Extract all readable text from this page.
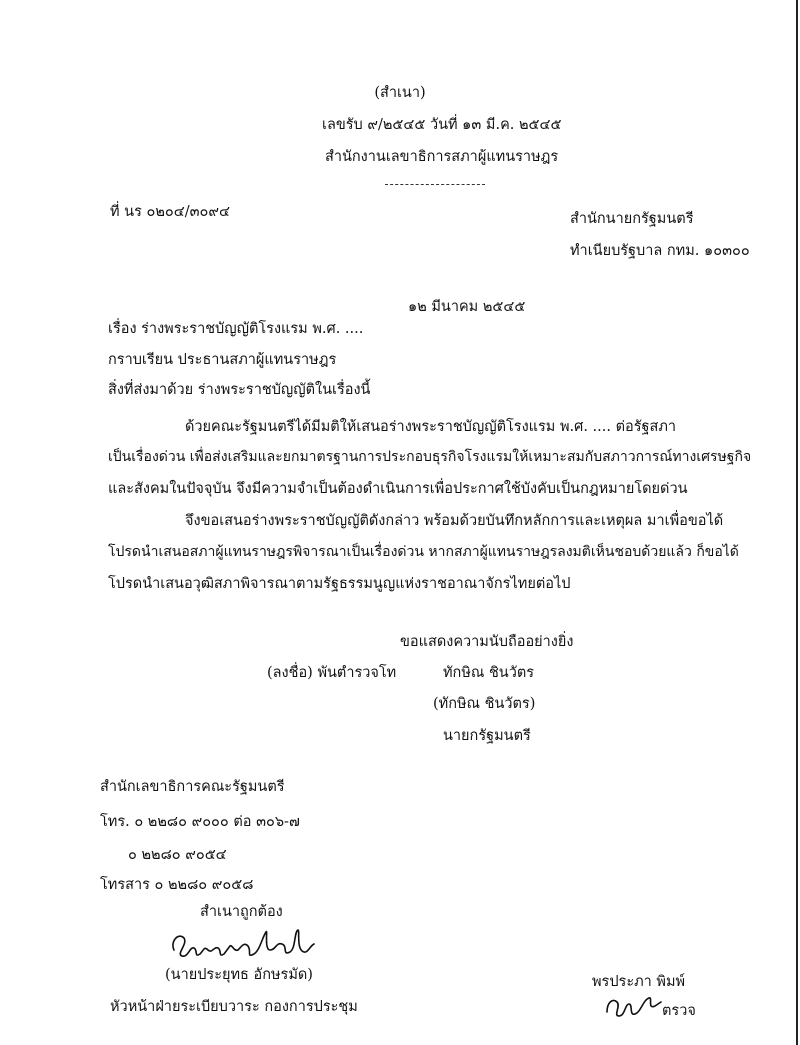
(สำเนา)
เลขรับ ๙/๒๕๔๕ วันที่ ๑๓ มี.ค. ๒๕๔๕
สำนักงานเลขาธิการสภาผู้แทนราษฎร
ที่ นร ๐๒๐๔/๓๐๙๔	สำนักนายกรัฐมนตรี
ทำเนียบรัฐบาล กทม. ๑๐๓๐๐
๑๒ มีนาคม ๒๕๔๕
เรื่อง ร่างพระราชบัญญัติโรงแรม พ.ศ. ....
กราบเรียน ประธานสภาผู้แทนราษฎร
สิ่งที่ส่งมาด้วย ร่างพระราชบัญญัติในเรื่องนี้
ด้วยคณะรัฐมนตรีได้มีมติให้เสนอร่างพระราชบัญญัติโรงแรม พ.ศ. .... ต่อรัฐสภา
เป็นเรื่องด่วน เพื่อส่งเสริมและยกมาตรฐานการประกอบธุรกิจโรงแรมให้เหมาะสมกับสภาวการณ์ทางเศรษฐกิจ
และสังคมในปัจจุบัน จึงมีความจำเป็นต้องดำเนินการเพื่อประกาศใช้บังคับเป็นกฎหมายโดยด่วน
จึงขอเสนอร่างพระราชบัญญัติดังกล่าว พร้อมด้วยบันทึกหลักการและเหตุผล มาเพื่อขอได้
โปรดนำเสนอสภาผู้แทนราษฎรพิจารณาเป็นเรื่องด่วน หากสภาผู้แทนราษฎรลงมติเห็นชอบด้วยแล้ว ก็ขอได้
โปรดนำเสนอวุฒิสภาพิจารณาตามรัฐธรรมนูญแห่งราชอาณาจักรไทยต่อไป
ขอแสดงความนับถืออย่างยิ่ง
(ลงชื่อ) พันตำรวจโท	ทักษิณ ชินวัตร
(ทักษิณ ชินวัตร)
นายกรัฐมนตรี
สำนักเลขาธิการคณะรัฐมนตรี
โทร. ๐ ๒๒๘๐ ๙๐๐๐ ต่อ ๓๐๖-๗
๐ ๒๒๘๐ ๙๐๕๔
โทรสาร ๐ ๒๒๘๐ ๙๐๕๘
สำเนาถูกต้อง
(นายประยุทธ อักษรมัด)
หัวหน้าฝ่ายระเบียบวาระ กองการประชุม
พรประภา พิมพ์
ตรวจ
